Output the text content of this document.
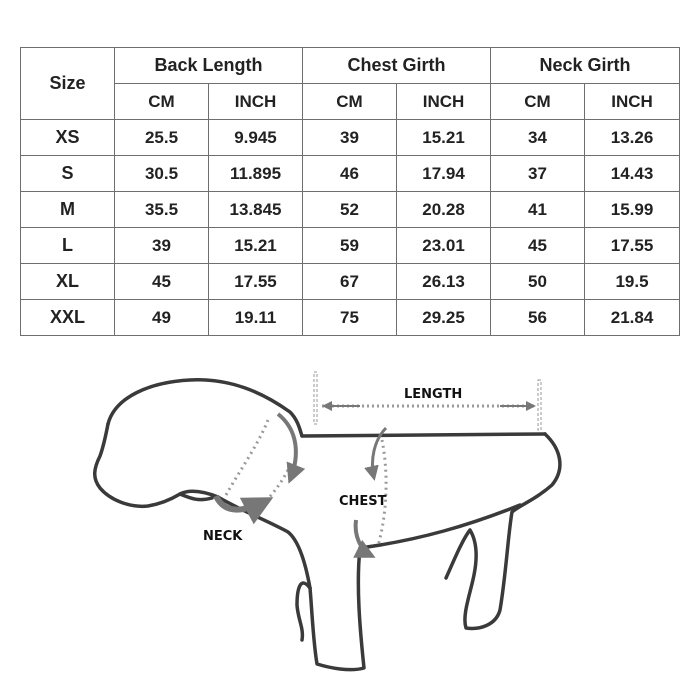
Size	Back Length		Chest Girth		Neck Girth	
	CM	INCH	CM	INCH	CM	INCH
XS	25.5	9.945	39	15.21	34	13.26
S	30.5	11.895	46	17.94	37	14.43
M	35.5	13.845	52	20.28	41	15.99
L	39	15.21	59	23.01	45	17.55
XL	45	17.55	67	26.13	50	19.5
XXL	49	19.11	75	29.25	56	21.84
LENGTH
CHEST
NECK
